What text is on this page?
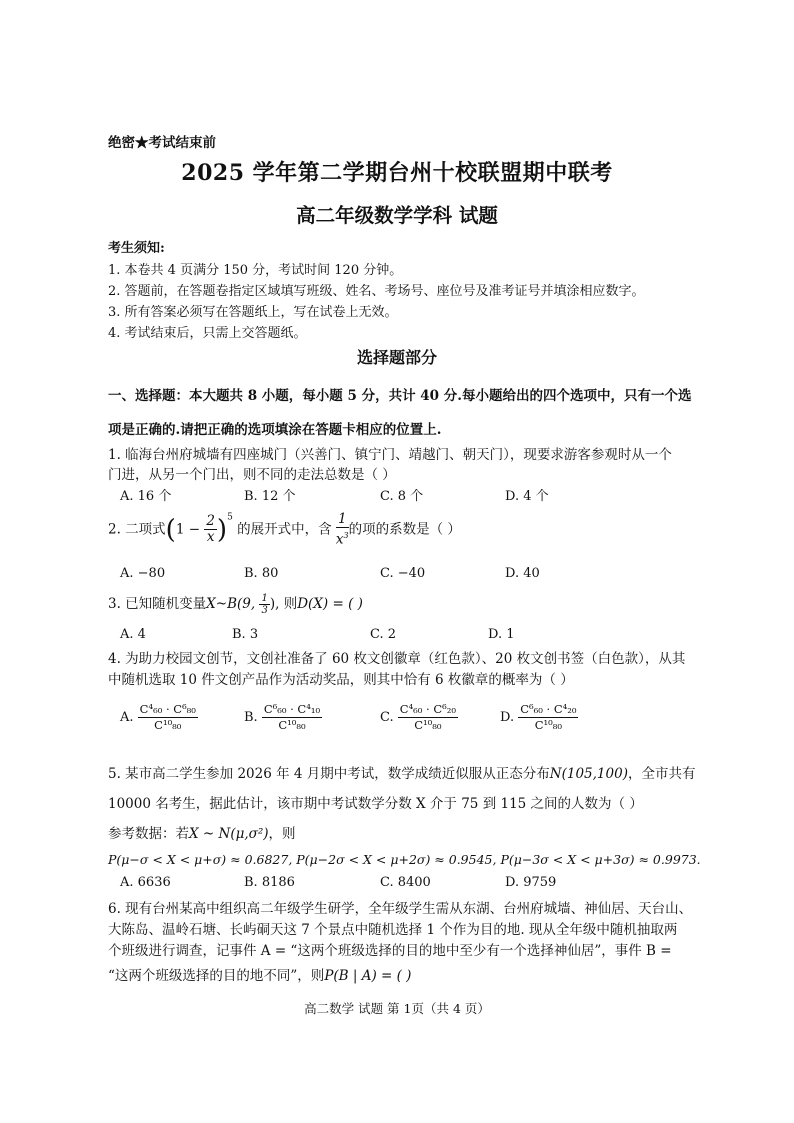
绝密★考试结束前
2025 学年第二学期台州十校联盟期中联考
高二年级数学学科 试题
考生须知:
1. 本卷共 4 页满分 150 分，考试时间 120 分钟。
2. 答题前，在答题卷指定区域填写班级、姓名、考场号、座位号及准考证号并填涂相应数字。
3. 所有答案必须写在答题纸上，写在试卷上无效。
4. 考试结束后，只需上交答题纸。
选择题部分
一、选择题：本大题共 8 小题，每小题 5 分，共计 40 分.每小题给出的四个选项中，只有一个选
项是正确的.请把正确的选项填涂在答题卡相应的位置上.
1. 临海台州府城墙有四座城门（兴善门、镇宁门、靖越门、朝天门），现要求游客参观时从一个
门进，从另一个门出，则不同的走法总数是（ ）
A. 16 个	B. 12 个	C. 8 个	D. 4 个
2. 二项式$(1 - \frac{2}{x} )^5$ 的展开式中，含 $\frac{1}{x^3}$ 的项的系数是（ ）
A. −80	B. 80	C. −40	D. 40
3. 已知随机变量X~B(9, $\frac{1}{3}$ ), 则D(X) = ( )
A. 4	B. 3	C. 2	D. 1
4. 为助力校园文创节，文创社准备了 60 枚文创徽章（红色款）、20 枚文创书签（白色款），从其
中随机选取 10 件文创产品作为活动奖品，则其中恰有 6 枚徽章的概率为（ ）
A. $\frac{\text{C⁴₆₀ · C⁶₈₀}}{\text{C¹⁰₈₀}}$	B. $\frac{\text{C⁶₆₀ · C⁴₁₀}}{\text{C¹⁰₈₀}}$	C. $\frac{\text{C⁴₆₀ · C⁶₂₀}}{\text{C¹⁰₈₀}}$	D. $\frac{\text{C⁶₆₀ · C⁴₂₀}}{\text{C¹⁰₈₀}}$
5. 某市高二学生参加 2026 年 4 月期中考试，数学成绩近似服从正态分布N(105,100)，全市共有
10000 名考生，据此估计，该市期中考试数学分数 X 介于 75 到 115 之间的人数为（ ）
参考数据：若X ~ N(μ,σ²)，则
P(μ−σ < X < μ+σ) ≈ 0.6827, P(μ−2σ < X < μ+2σ) ≈ 0.9545, P(μ−3σ < X < μ+3σ) ≈ 0.9973.
A. 6636	B. 8186	C. 8400	D. 9759
6. 现有台州某高中组织高二年级学生研学，全年级学生需从东湖、台州府城墙、神仙居、天台山、
大陈岛、温岭石塘、长屿硐天这 7 个景点中随机选择 1 个作为目的地. 现从全年级中随机抽取两
个班级进行调查，记事件 A = “这两个班级选择的目的地中至少有一个选择神仙居”，事件 B =
“这两个班级选择的目的地不同”，则P(B | A) = ( )
高二数学 试题 第 1页（共 4 页）
